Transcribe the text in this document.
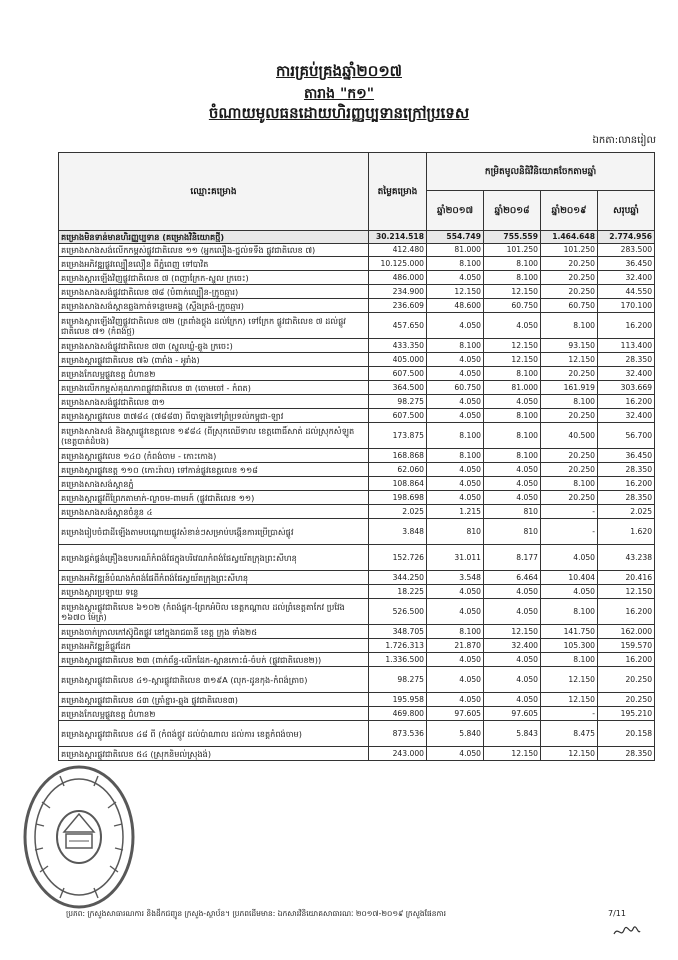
ការគ្រប់គ្រងឆ្នាំ២០១៧
តារាង "ក១"
ចំណាយមូលធនដោយហិរញ្ញប្បទានក្រៅប្រទេស
ឯកតា:លានរៀល
ឈ្មោះគម្រោង	តម្លៃគម្រោង	កម្រិតមូលនិធិវិនិយោគចែកតាមឆ្នាំ			
		ឆ្នាំ២០១៧	ឆ្នាំ២០១៨	ឆ្នាំ២០១៩	សរុបឆ្នាំ
គម្រោងមិនទាន់មានហិរញ្ញប្បទាន (គម្រោងវិនិយោគថ្មី)	30.214.518	554.749	755.559	1.464.648	2.774.956
គម្រោងសាងសង់លើកកម្ពស់ផ្លូវជាតិលេខ ១១ (អ្នកលឿង-ថ្នល់ទទឹង ផ្លូវជាតិលេខ ៧)	412.480	81.000	101.250	101.250	283.500
គម្រោងអភិវឌ្ឍផ្លូវល្បឿនលឿន ពីភ្នំពេញ ទៅបាវិត	10.125.000	8.100	8.100	20.250	36.450
គម្រោងស្តារឡើងវិញផ្លូវជាតិលេខ ៧ (ពញាក្រែក-ស្នួល ក្រចេះ)	486.000	4.050	8.100	20.250	32.400
គម្រោងសាងសង់ផ្លូវជាតិលេខ ៧៨ (បំពាក់ល្បឿន-ក្រូចឆ្មារ)	234.900	12.150	12.150	20.250	44.550
គម្រោងសាងសង់ស្ពានឆ្លងកាត់ទន្លេមេគង្គ (ស្ទឹងត្រង់-ក្រូចឆ្មារ)	236.609	48.600	60.750	60.750	170.100
គម្រោងស្តារឡើងវិញផ្លូវជាតិលេខ ៧២ (ត្រពាំងថ្លុង ដល់ក្រែក) ទៅក្រែក ផ្លូវជាតិលេខ ៧ ដល់ផ្លូវជាតិលេខ ៧១ (កំពង់ថ្ម)	457.650	4.050	4.050	8.100	16.200
គម្រោងសាងសង់ផ្លូវជាតិលេខ ៧៣ (ស្នួលឃ្លំ-ឆ្លូង ក្រចេះ)	433.350	8.100	12.150	93.150	113.400
គម្រោងស្តារផ្លូវជាតិលេខ ៧៦ (ពារាំង - អូរាំង)	405.000	4.050	12.150	12.150	28.350
គម្រោងកែលម្អផ្លូវខេត្ត ជំហាន២	607.500	4.050	8.100	20.250	32.400
គម្រោងលើកកម្ពស់គុណភាពផ្លូវជាតិលេខ ៣ (ចោមចៅ - កំពត)	364.500	60.750	81.000	161.919	303.669
គម្រោងសាងសង់ផ្លូវជាតិលេខ ៣១	98.275	4.050	4.050	8.100	16.200
គម្រោងស្តារផ្លូវលេខ ៣៧៨៤ (៧៨៨៣) ពីបាឡុងទៅព្រំប្រទល់កម្ពុជា-ឡាវ	607.500	4.050	8.100	20.250	32.400
គម្រោងសាងសង់ និងស្តារផ្លូវខេត្តលេខ ១៩៨៤ (ពីស្រុកឈើទាល ខេត្តពោធិ៍សាត់ ដល់ស្រុកសំឡូត (ខេត្តបាត់ដំបង)	173.875	8.100	8.100	40.500	56.700
គម្រោងស្តារផ្លូវលេខ ១៤០ (កំពង់ចាម - កោះកោង)	168.868	8.100	8.100	20.250	36.450
គម្រោងស្តារផ្លូវខេត្ត ១១០ (កោះរ៉ាល) ទៅកាន់ផ្លូវខេត្តលេខ ១១៨	62.060	4.050	4.050	20.250	28.350
គម្រោងសាងសង់ស្ពានភ្នំ	108.864	4.050	4.050	8.100	16.200
គម្រោងស្តារផ្លូវពីព្រែកតាមាក់-ល្ងាចម-ពាមរក៍ (ផ្លូវជាតិលេខ ១១)	198.698	4.050	4.050	20.250	28.350
គម្រោងសាងសង់ស្ពានចំនួន ៤	2.025	1.215	810	-	2.025
គម្រោងរៀបចំជាដីឡើងតាមបណ្តោយផ្លូវសំខាន់ៗសម្រាប់បង្កើនការប្រើប្រាស់ផ្លូវ	3.848	810	810	-	1.620
គម្រោងផ្គត់ផ្គង់គ្រឿងឧបករណ៍កំពង់ផែក្នុងបរិវេណកំពង់ផែស្វយ័តក្រុងព្រះសីហនុ	152.726	31.011	8.177	4.050	43.238
គម្រោងអភិវឌ្ឍន៍បំណងកំពង់ផែពីកំពង់ផែស្វយ័តក្រុងព្រះសីហនុ	344.250	3.548	6.464	10.404	20.416
គម្រោងស្តារប្រឡាយ ទន្លេ	18.225	4.050	4.050	4.050	12.150
គម្រោងស្តារផ្លូវជាតិលេខ ៦១០២ (កំពង់ផ្លុក-ព្រែកអំបិល ខេត្តកណ្តាល ដល់ព្រំខេត្តតាកែវ ប្រវែង ១៦៧០ ម៉ែត្រ)	526.500	4.050	4.050	8.100	16.200
គម្រោងចាក់ក្រាលកៅស៊ូជិតផ្លូវ នៅក្នុងរាជធានី ខេត្ត ក្រុង ទាំង២៥	348.705	8.100	12.150	141.750	162.000
គម្រោងអភិវឌ្ឍន៍ផ្លូវដែក	1.726.313	21.870	32.400	105.300	159.570
គម្រោងស្តារផ្លូវជាតិលេខ ២៣ (ពាក់ព័ន្ធ-លើកដែក-ស្ពានកោះធំ-ចំបក់ (ផ្លូវជាតិលេខ២))	1.336.500	4.050	4.050	8.100	16.200
គម្រោងស្តារផ្លូវជាតិលេខ ៤១-ស្តារផ្លូវជាតិលេខ ៣១៩A (លុក-ដូនកុង-កំពង់ត្រាច)	98.275	4.050	4.050	12.150	20.250
គម្រោងស្តារផ្លូវជាតិលេខ ៤៣ (ត្រាំខ្នារ-ឆ្លុង ផ្លូវជាតិលេខ៣)	195.958	4.050	4.050	12.150	20.250
គម្រោងកែលម្អផ្លូវខេត្ត ជំហាន២	469.800	97.605	97.605	-	195.210
គម្រោងស្តារផ្លូវជាតិលេខ ៤៨ ពី (កំពង់ថ្កូវ ដល់ប៉ាណាល ដល់ការ ខេត្តកំពង់ចាម)	873.536	5.840	5.843	8.475	20.158
គម្រោងស្តារផ្លូវជាតិលេខ ៥៤ (ស្រុកនិមល់ស្រុងង់)	243.000	4.050	12.150	12.150	28.350
ប្រភព: ក្រសួងសាធារណការ និងដឹកជញ្ជូន ក្រសួង-ស្ថាប័ន។ ប្រភពដើមមាន: ឯកសារវិនិយោគសាធារណៈ ២០១៧-២០១៩ ក្រសួងផែនការ	7/11
